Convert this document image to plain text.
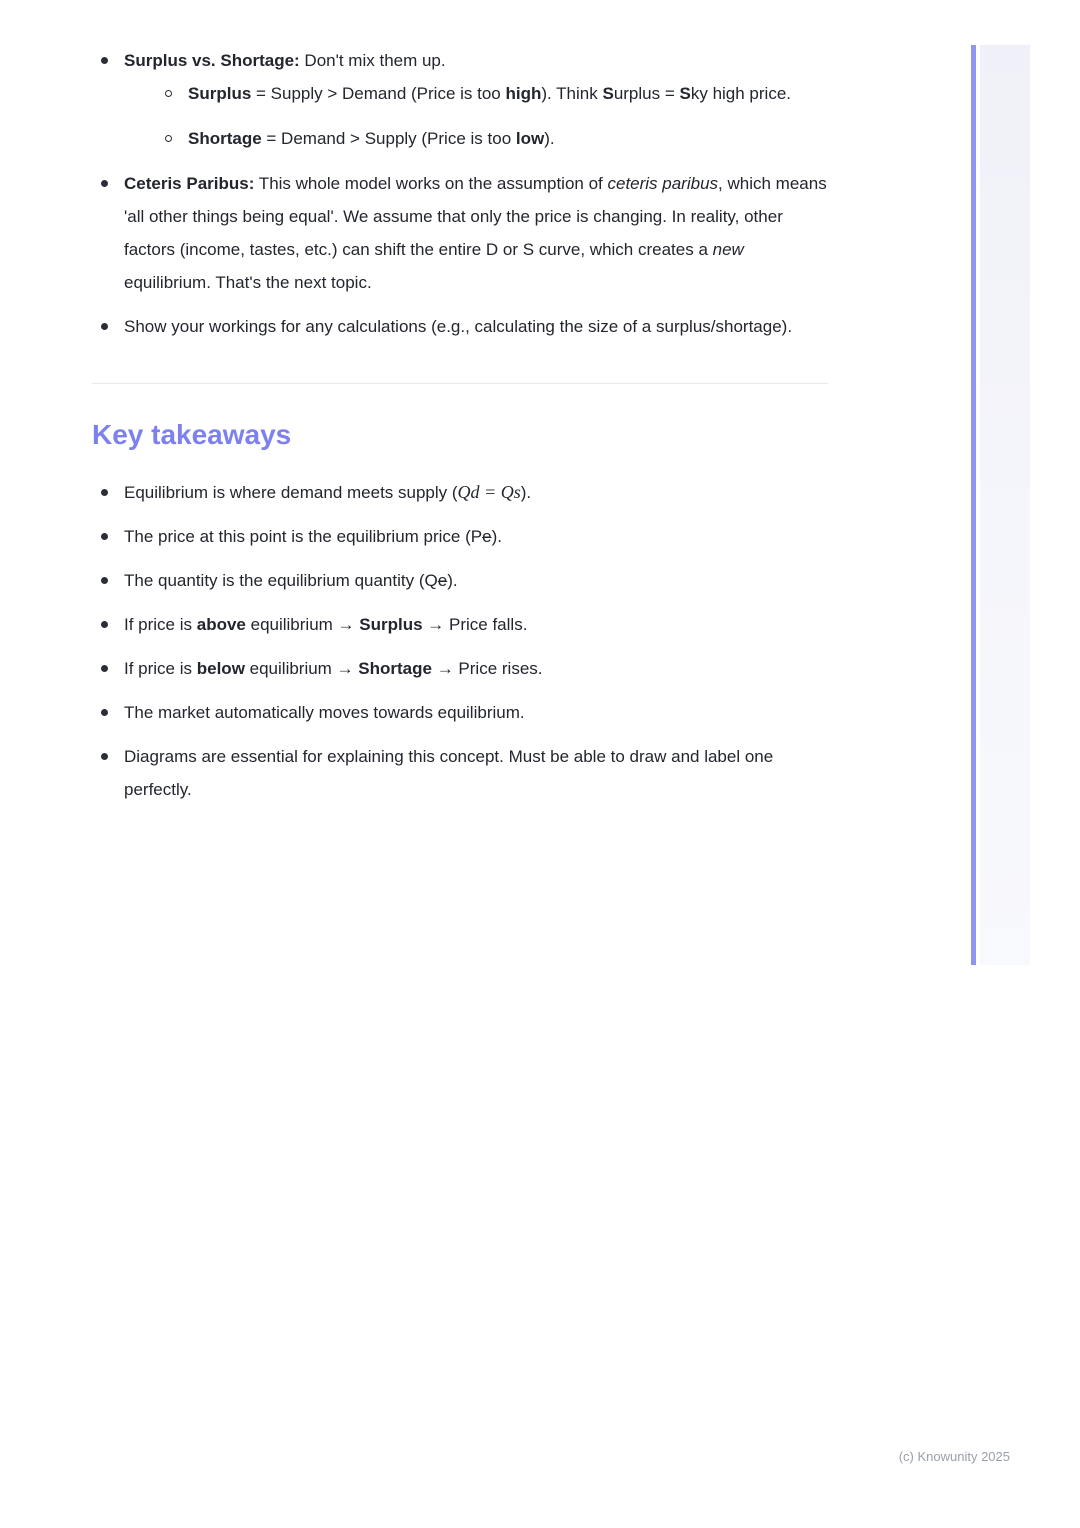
Surplus vs. Shortage: Don't mix them up.
Surplus = Supply > Demand (Price is too high). Think Surplus = Sky high price.
Shortage = Demand > Supply (Price is too low).
Ceteris Paribus: This whole model works on the assumption of ceteris paribus, which means 'all other things being equal'. We assume that only the price is changing. In reality, other factors (income, tastes, etc.) can shift the entire D or S curve, which creates a new equilibrium. That's the next topic.
Show your workings for any calculations (e.g., calculating the size of a surplus/shortage).
Key takeaways
Equilibrium is where demand meets supply (Qd = Qs).
The price at this point is the equilibrium price (Pe).
The quantity is the equilibrium quantity (Qe).
If price is above equilibrium → Surplus → Price falls.
If price is below equilibrium → Shortage → Price rises.
The market automatically moves towards equilibrium.
Diagrams are essential for explaining this concept. Must be able to draw and label one perfectly.
(c) Knowunity 2025
